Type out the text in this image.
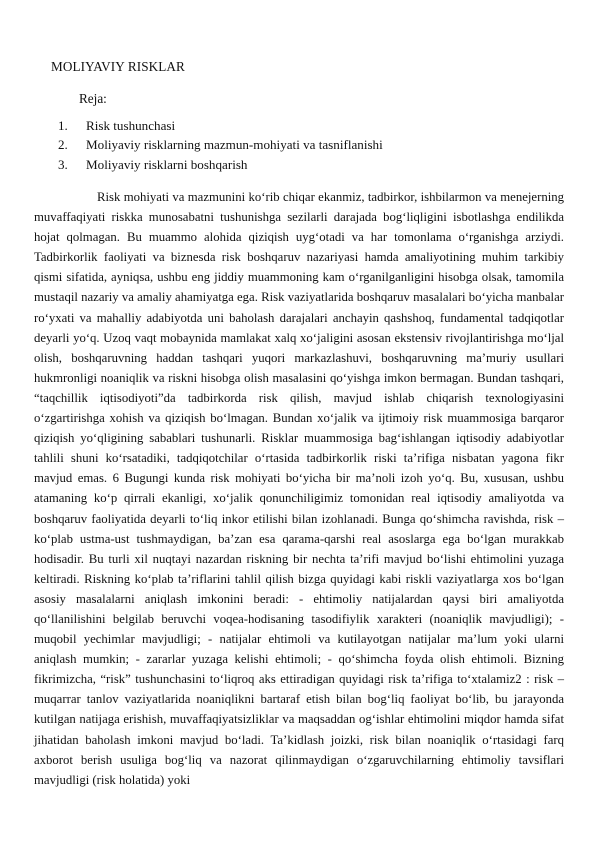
MOLIYAVIY RISKLAR
Reja:
1. Risk tushunchasi
2. Moliyaviy risklarning mazmun-mohiyati va tasniflanishi
3. Moliyaviy risklarni boshqarish

Risk mohiyati va mazmunini ko‘rib chiqar ekanmiz, tadbirkor, ishbilarmon va menejerning muvaffaqiyati riskka munosabatni tushunishga sezilarli darajada bog‘liqligini isbotlashga endilikda hojat qolmagan. Bu muammo alohida qiziqish uyg‘otadi va har tomonlama o‘rganishga arziydi. Tadbirkorlik faoliyati va biznesda risk boshqaruv nazariyasi hamda amaliyotining muhim tarkibiy qismi sifatida, ayniqsa, ushbu eng jiddiy muammoning kam o‘rganilganligini hisobga olsak, tamomila mustaqil nazariy va amaliy ahamiyatga ega. Risk vaziyatlarida boshqaruv masalalari bo‘yicha manbalar ro‘yxati va mahalliy adabiyotda uni baholash darajalari anchayin qashshoq, fundamental tadqiqotlar deyarli yo‘q. Uzoq vaqt mobaynida mamlakat xalq xo‘jaligini asosan ekstensiv rivojlantirishga mo‘ljal olish, boshqaruvning haddan tashqari yuqori markazlashuvi, boshqaruvning ma’muriy usullari hukmronligi noaniqlik va riskni hisobga olish masalasini qo‘yishga imkon bermagan. Bundan tashqari, “taqchillik iqtisodiyoti”da tadbirkorda risk qilish, mavjud ishlab chiqarish texnologiyasini o‘zgartirishga xohish va qiziqish bo‘lmagan. Bundan xo‘jalik va ijtimoiy risk muammosiga barqaror qiziqish yo‘qligining sabablari tushunarli. Risklar muammosiga bag‘ishlangan iqtisodiy adabiyotlar tahlili shuni ko‘rsatadiki, tadqiqotchilar o‘rtasida tadbirkorlik riski ta’rifiga nisbatan yagona fikr mavjud emas. 6 Bugungi kunda risk mohiyati bo‘yicha bir ma’noli izoh yo‘q. Bu, xususan, ushbu atamaning ko‘p qirrali ekanligi, xo‘jalik qonunchiligimiz tomonidan real iqtisodiy amaliyotda va boshqaruv faoliyatida deyarli to‘liq inkor etilishi bilan izohlanadi. Bunga qo‘shimcha ravishda, risk – ko‘plab ustma-ust tushmaydigan, ba’zan esa qarama-qarshi real asoslarga ega bo‘lgan murakkab hodisadir. Bu turli xil nuqtayi nazardan riskning bir nechta ta’rifi mavjud bo‘lishi ehtimolini yuzaga keltiradi. Riskning ko‘plab ta’riflarini tahlil qilish bizga quyidagi kabi riskli vaziyatlarga xos bo‘lgan asosiy masalalarni aniqlash imkonini beradi: - ehtimoliy natijalardan qaysi biri amaliyotda qo‘llanilishini belgilab beruvchi voqea-hodisaning tasodifiylik xarakteri (noaniqlik mavjudligi); - muqobil yechimlar mavjudligi; - natijalar ehtimoli va kutilayotgan natijalar ma’lum yoki ularni aniqlash mumkin; - zararlar yuzaga kelishi ehtimoli; - qo‘shimcha foyda olish ehtimoli. Bizning fikrimizcha, “risk” tushunchasini to‘liqroq aks ettiradigan quyidagi risk ta’rifiga to‘xtalamiz2 : risk – muqarrar tanlov vaziyatlarida noaniqlikni bartaraf etish bilan bog‘liq faoliyat bo‘lib, bu jarayonda kutilgan natijaga erishish, muvaffaqiyatsizliklar va maqsaddan og‘ishlar ehtimolini miqdor hamda sifat jihatidan baholash imkoni mavjud bo‘ladi. Ta’kidlash joizki, risk bilan noaniqlik o‘rtasidagi farq axborot berish usuliga bog‘liq va nazorat qilinmaydigan o‘zgaruvchilarning ehtimoliy tavsiflari mavjudligi (risk holatida) yoki
